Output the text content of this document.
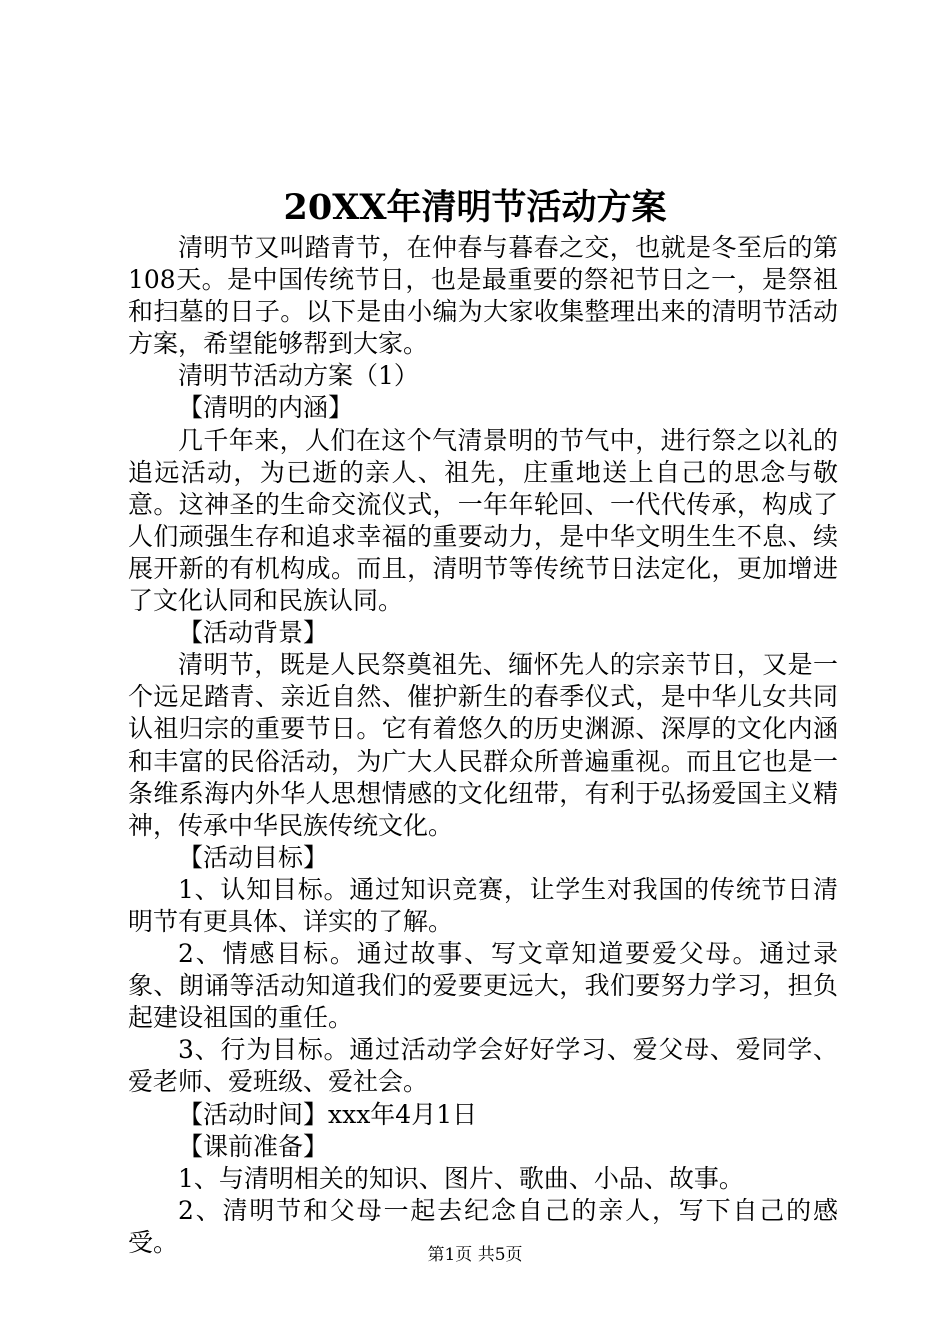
20XX年清明节活动方案

清明节又叫踏青节，在仲春与暮春之交，也就是冬至后的第108天。是中国传统节日，也是最重要的祭祀节日之一，是祭祖和扫墓的日子。以下是由小编为大家收集整理出来的清明节活动方案，希望能够帮到大家。

清明节活动方案（1）

【清明的内涵】

几千年来，人们在这个气清景明的节气中，进行祭之以礼的追远活动，为已逝的亲人、祖先，庄重地送上自己的思念与敬意。这神圣的生命交流仪式，一年年轮回、一代代传承，构成了人们顽强生存和追求幸福的重要动力，是中华文明生生不息、续展开新的有机构成。而且，清明节等传统节日法定化，更加增进了文化认同和民族认同。

【活动背景】

清明节，既是人民祭奠祖先、缅怀先人的宗亲节日，又是一个远足踏青、亲近自然、催护新生的春季仪式，是中华儿女共同认祖归宗的重要节日。它有着悠久的历史渊源、深厚的文化内涵和丰富的民俗活动，为广大人民群众所普遍重视。而且它也是一条维系海内外华人思想情感的文化纽带，有利于弘扬爱国主义精神，传承中华民族传统文化。

【活动目标】

1、认知目标。通过知识竞赛，让学生对我国的传统节日清明节有更具体、详实的了解。

2、情感目标。通过故事、写文章知道要爱父母。通过录象、朗诵等活动知道我们的爱要更远大，我们要努力学习，担负起建设祖国的重任。

3、行为目标。通过活动学会好好学习、爱父母、爱同学、爱老师、爱班级、爱社会。

【活动时间】xxx年4月1日

【课前准备】

1、与清明相关的知识、图片、歌曲、小品、故事。

2、清明节和父母一起去纪念自己的亲人，写下自己的感受。	第1页 共5页
